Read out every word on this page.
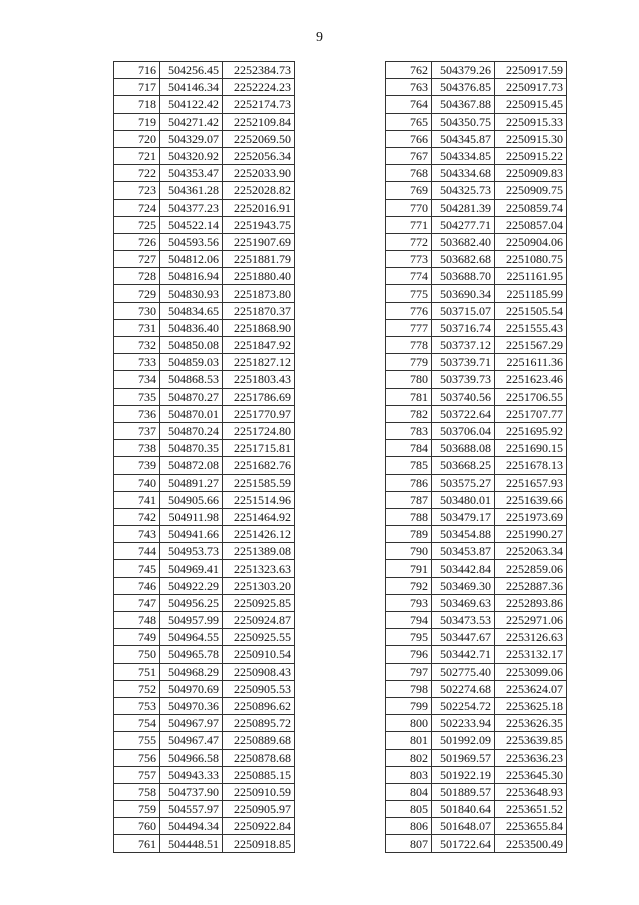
9
716	504256.45	2252384.73
717	504146.34	2252224.23
718	504122.42	2252174.73
719	504271.42	2252109.84
720	504329.07	2252069.50
721	504320.92	2252056.34
722	504353.47	2252033.90
723	504361.28	2252028.82
724	504377.23	2252016.91
725	504522.14	2251943.75
726	504593.56	2251907.69
727	504812.06	2251881.79
728	504816.94	2251880.40
729	504830.93	2251873.80
730	504834.65	2251870.37
731	504836.40	2251868.90
732	504850.08	2251847.92
733	504859.03	2251827.12
734	504868.53	2251803.43
735	504870.27	2251786.69
736	504870.01	2251770.97
737	504870.24	2251724.80
738	504870.35	2251715.81
739	504872.08	2251682.76
740	504891.27	2251585.59
741	504905.66	2251514.96
742	504911.98	2251464.92
743	504941.66	2251426.12
744	504953.73	2251389.08
745	504969.41	2251323.63
746	504922.29	2251303.20
747	504956.25	2250925.85
748	504957.99	2250924.87
749	504964.55	2250925.55
750	504965.78	2250910.54
751	504968.29	2250908.43
752	504970.69	2250905.53
753	504970.36	2250896.62
754	504967.97	2250895.72
755	504967.47	2250889.68
756	504966.58	2250878.68
757	504943.33	2250885.15
758	504737.90	2250910.59
759	504557.97	2250905.97
760	504494.34	2250922.84
761	504448.51	2250918.85
762	504379.26	2250917.59
763	504376.85	2250917.73
764	504367.88	2250915.45
765	504350.75	2250915.33
766	504345.87	2250915.30
767	504334.85	2250915.22
768	504334.68	2250909.83
769	504325.73	2250909.75
770	504281.39	2250859.74
771	504277.71	2250857.04
772	503682.40	2250904.06
773	503682.68	2251080.75
774	503688.70	2251161.95
775	503690.34	2251185.99
776	503715.07	2251505.54
777	503716.74	2251555.43
778	503737.12	2251567.29
779	503739.71	2251611.36
780	503739.73	2251623.46
781	503740.56	2251706.55
782	503722.64	2251707.77
783	503706.04	2251695.92
784	503688.08	2251690.15
785	503668.25	2251678.13
786	503575.27	2251657.93
787	503480.01	2251639.66
788	503479.17	2251973.69
789	503454.88	2251990.27
790	503453.87	2252063.34
791	503442.84	2252859.06
792	503469.30	2252887.36
793	503469.63	2252893.86
794	503473.53	2252971.06
795	503447.67	2253126.63
796	503442.71	2253132.17
797	502775.40	2253099.06
798	502274.68	2253624.07
799	502254.72	2253625.18
800	502233.94	2253626.35
801	501992.09	2253639.85
802	501969.57	2253636.23
803	501922.19	2253645.30
804	501889.57	2253648.93
805	501840.64	2253651.52
806	501648.07	2253655.84
807	501722.64	2253500.49
